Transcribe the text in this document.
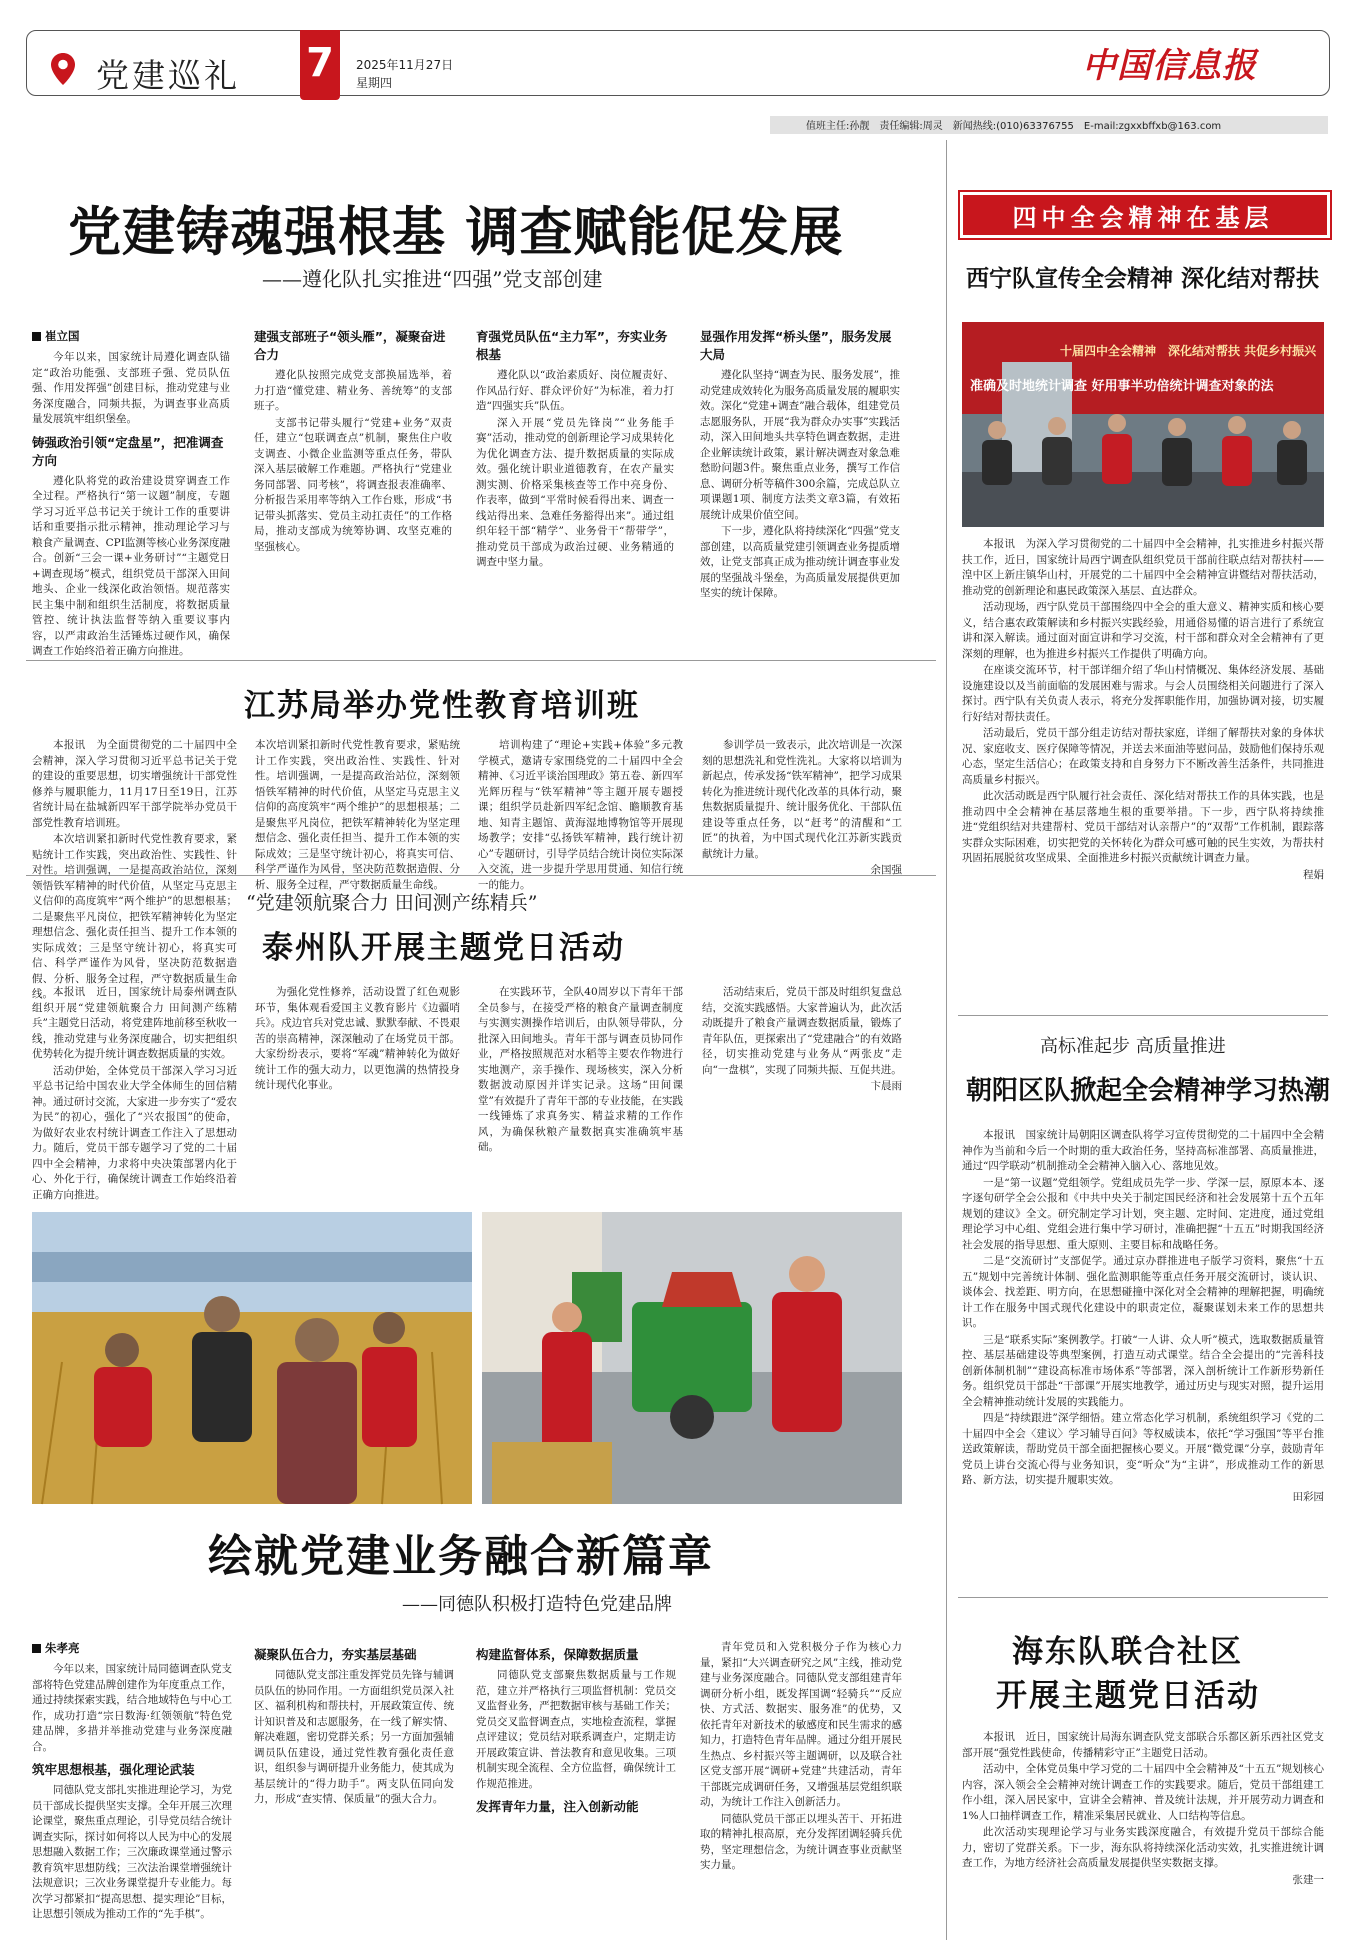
党建巡礼 7	2025年11月27日
星期四	中国信息报
值班主任:孙靓　责任编辑:周灵　新闻热线:(010)63376755　E-mail:zgxxbffxb@163.com
党建铸魂强根基 调查赋能促发展
——遵化队扎实推进“四强”党支部创建
崔立国

今年以来，国家统计局遵化调查队锚定“政治功能强、支部班子强、党员队伍强、作用发挥强”创建目标，推动党建与业务深度融合，同频共振，为调查事业高质量发展筑牢组织堡垒。

铸强政治引领“定盘星”，把准调查方向

遵化队将党的政治建设贯穿调查工作全过程。严格执行“第一议题”制度，专题学习习近平总书记关于统计工作的重要讲话和重要指示批示精神，推动理论学习与粮食产量调查、CPI监测等核心业务深度融合。创新“三会一课+业务研讨”“主题党日+调查现场”模式，组织党员干部深入田间地头、企业一线深化政治领悟。规范落实民主集中制和组织生活制度，将数据质量管控、统计执法监督等纳入重要议事内容，以严肃政治生活锤炼过硬作风，确保调查工作始终沿着正确方向推进。

建强支部班子“领头雁”，凝聚奋进合力

遵化队按照完成党支部换届选举，着力打造“懂党建、精业务、善统筹”的支部班子。

支部书记带头履行“党建+业务”双责任，建立“包联调查点”机制，聚焦住户收支调查、小微企业监测等重点任务，带队深入基层破解工作难题。严格执行“党建业务同部署、同考核”，将调查报表准确率、分析报告采用率等纳入工作台账，形成“书记带头抓落实、党员主动扛责任”的工作格局，推动支部成为统筹协调、攻坚克难的坚强核心。

育强党员队伍“主力军”，夯实业务根基

遵化队以“政治素质好、岗位履责好、作风品行好、群众评价好”为标准，着力打造“四强实兵”队伍。

深入开展“党员先锋岗”“业务能手赛”活动，推动党的创新理论学习成果转化为优化调查方法、提升数据质量的实际成效。强化统计职业道德教育，在农产量实测实测、价格采集核查等工作中亮身份、作表率，做到“平常时候看得出来、调查一线站得出来、急难任务豁得出来”。通过组织年轻干部“精学”、业务骨干“帮带学”，推动党员干部成为政治过硬、业务精通的调查中坚力量。

显强作用发挥“桥头堡”，服务发展大局

遵化队坚持“调查为民、服务发展”，推动党建成效转化为服务高质量发展的履职实效。深化“党建+调查”融合载体，组建党员志愿服务队，开展“我为群众办实事”实践活动，深入田间地头共享特色调查数据，走进企业解读统计政策，累计解决调查对象急难愁盼问题3件。聚焦重点业务，撰写工作信息、调研分析等稿件300余篇，完成总队立项课题1项、制度方法类文章3篇，有效拓展统计成果价值空间。

下一步，遵化队将持续深化“四强”党支部创建，以高质量党建引领调查业务提质增效，让党支部真正成为推动统计调查事业发展的坚强战斗堡垒，为高质量发展提供更加坚实的统计保障。

江苏局举办党性教育培训班

本报讯　为全面贯彻党的二十届四中全会精神，深入学习贯彻习近平总书记关于党的建设的重要思想，切实增强统计干部党性修养与履职能力，11月17日至19日，江苏省统计局在盐城新四军干部学院举办党员干部党性教育培训班。

本次培训紧扣新时代党性教育要求，紧贴统计工作实践，突出政治性、实践性、针对性。培训强调，一是提高政治站位，深刻领悟铁军精神的时代价值，从坚定马克思主义信仰的高度筑牢“两个维护”的思想根基；二是聚焦平凡岗位，把铁军精神转化为坚定理想信念、强化责任担当、提升工作本领的实际成效；三是坚守统计初心，将真实可信、科学严谨作为风骨，坚决防范数据造假、分析、服务全过程，严守数据质量生命线。

本次培训紧扣新时代党性教育要求，紧贴统计工作实践，突出政治性、实践性、针对性。培训强调，一是提高政治站位，深刻领悟铁军精神的时代价值，从坚定马克思主义信仰的高度筑牢“两个维护”的思想根基；二是聚焦平凡岗位，把铁军精神转化为坚定理想信念、强化责任担当、提升工作本领的实际成效；三是坚守统计初心，将真实可信、科学严谨作为风骨，坚决防范数据造假、分析、服务全过程，严守数据质量生命线。

培训构建了“理论+实践+体验”多元教学模式，邀请专家围绕党的二十届四中全会精神、《习近平谈治国理政》第五卷、新四军光辉历程与“铁军精神”等主题开展专题授课；组织学员赴新四军纪念馆、瞻顺教育基地、知青主题馆、黄海湿地博物馆等开展现场教学；安排“弘扬铁军精神，践行统计初心”专题研讨，引导学员结合统计岗位实际深入交流，进一步提升学思用贯通、知信行统一的能力。

参训学员一致表示，此次培训是一次深刻的思想洗礼和党性洗礼。大家将以培训为新起点，传承发扬“铁军精神”，把学习成果转化为推进统计现代化改革的具体行动，聚焦数据质量提升、统计服务优化、干部队伍建设等重点任务，以“赶考”的清醒和“工匠”的执着，为中国式现代化江苏新实践贡献统计力量。

余国强

“党建领航聚合力 田间测产练精兵”
泰州队开展主题党日活动

本报讯　近日，国家统计局泰州调查队组织开展“党建领航聚合力 田间测产练精兵”主题党日活动，将党建阵地前移至秋收一线，推动党建与业务深度融合，切实把组织优势转化为提升统计调查数据质量的实效。

活动伊始，全体党员干部深入学习习近平总书记给中国农业大学全体师生的回信精神。通过研讨交流，大家进一步夯实了“爱农为民”的初心，强化了“兴农报国”的使命，为做好农业农村统计调查工作注入了思想动力。随后，党员干部专题学习了党的二十届四中全会精神，力求将中央决策部署内化于心、外化于行，确保统计调查工作始终沿着正确方向推进。

为强化党性修养，活动设置了红色观影环节，集体观看爱国主义教育影片《边疆哨兵》。戍边官兵对党忠诚、默默奉献、不畏艰苦的崇高精神，深深触动了在场党员干部。大家纷纷表示，要将“军魂”精神转化为做好统计工作的强大动力，以更饱满的热情投身统计现代化事业。

在实践环节，全队40周岁以下青年干部全员参与，在接受严格的粮食产量调查制度与实测实测操作培训后，由队领导带队，分批深入田间地头。青年干部与调查员协同作业，严格按照规范对水稻等主要农作物进行实地测产，亲手操作、现场核实，深入分析数据波动原因并详实记录。这场“田间课堂”有效提升了青年干部的专业技能，在实践一线锤炼了求真务实、精益求精的工作作风，为确保秋粮产量数据真实准确筑牢基础。

活动结束后，党员干部及时组织复盘总结，交流实践感悟。大家普遍认为，此次活动既提升了粮食产量调查数据质量，锻炼了青年队伍，更探索出了“党建融合”的有效路径，切实推动党建与业务从“两张皮”走向“一盘棋”，实现了同频共振、互促共进。

卞晨雨

绘就党建业务融合新篇章
——同德队积极打造特色党建品牌
朱孝亮

今年以来，国家统计局同德调查队党支部将特色党建品牌创建作为年度重点工作，通过持续探索实践，结合地域特色与中心工作，成功打造“宗日数海·红领领航”特色党建品牌，多措并举推动党建与业务深度融合。

筑牢思想根基，强化理论武装

同德队党支部扎实推进理论学习，为党员干部成长提供坚实支撑。全年开展三次理论课堂，聚焦重点理论，引导党员结合统计调查实际，探讨如何将以人民为中心的发展思想融入数据工作；三次廉政课堂通过警示教育筑牢思想防线；三次法治课堂增强统计法规意识；三次业务课堂提升专业能力。每次学习都紧扣“提高思想、提实理论”目标，让思想引领成为推动工作的“先手棋”。

凝聚队伍合力，夯实基层基础

同德队党支部注重发挥党员先锋与辅调员队伍的协同作用。一方面组织党员深入社区、福利机构和帮扶村，开展政策宣传、统计知识普及和志愿服务，在一线了解实情、解决难题，密切党群关系；另一方面加强辅调员队伍建设，通过党性教育强化责任意识，组织参与调研提升业务能力，使其成为基层统计的“得力助手”。两支队伍同向发力，形成“查实情、保质量”的强大合力。

构建监督体系，保障数据质量

同德队党支部聚焦数据质量与工作规范，建立并严格执行三项监督机制：党员交叉监督业务，严把数据审核与基础工作关；党员交叉监督调查点，实地检查流程，掌握点评建议；党员结对联系调查户，定期走访开展政策宣讲、普法教育和意见收集。三项机制实现全流程、全方位监督，确保统计工作规范推进。

发挥青年力量，注入创新动能

青年党员和入党积极分子作为核心力量，紧扣“大兴调查研究之风”主线，推动党建与业务深度融合。同德队党支部组建青年调研分析小组，既发挥国调“轻骑兵”“反应快、方式活、数据实、服务准”的优势，又依托青年对新技术的敏感度和民生需求的感知力，打造特色青年品牌。通过分组开展民生热点、乡村振兴等主题调研，以及联合社区党支部开展“调研+党建”共建活动，青年干部既完成调研任务，又增强基层党组织联动，为统计工作注入创新活力。

同德队党员干部正以埋头苦干、开拓进取的精神扎根高原，充分发挥团调轻骑兵优势，坚定理想信念，为统计调查事业贡献坚实力量。

四中全会精神在基层
西宁队宣传全会精神 深化结对帮扶
十届四中全会精神　深化结对帮扶 共促乡村振兴
准确及时地统计调查 好用事半功倍统计调查对象的法

本报讯　为深入学习贯彻党的二十届四中全会精神，扎实推进乡村振兴帮扶工作，近日，国家统计局西宁调查队组织党员干部前往联点结对帮扶村——湟中区上新庄镇华山村，开展党的二十届四中全会精神宣讲暨结对帮扶活动，推动党的创新理论和惠民政策深入基层、直达群众。

活动现场，西宁队党员干部围绕四中全会的重大意义、精神实质和核心要义，结合惠农政策解读和乡村振兴实践经验，用通俗易懂的语言进行了系统宣讲和深入解读。通过面对面宣讲和学习交流，村干部和群众对全会精神有了更深刻的理解，也为推进乡村振兴工作提供了明确方向。

在座谈交流环节，村干部详细介绍了华山村情概况、集体经济发展、基础设施建设以及当前面临的发展困难与需求。与会人员围绕相关问题进行了深入探讨。西宁队有关负责人表示，将充分发挥职能作用，加强协调对接，切实履行好结对帮扶责任。

活动最后，党员干部分组走访结对帮扶家庭，详细了解帮扶对象的身体状况、家庭收支、医疗保障等情况，并送去米面油等慰问品，鼓励他们保持乐观心态，坚定生活信心；在政策支持和自身努力下不断改善生活条件，共同推进高质量乡村振兴。

此次活动既是西宁队履行社会责任、深化结对帮扶工作的具体实践，也是推动四中全会精神在基层落地生根的重要举措。下一步，西宁队将持续推进“党组织结对共建帮村、党员干部结对认亲帮户”的“双帮”工作机制，跟踪落实群众实际困难，切实把党的关怀转化为群众可感可触的民生实效，为帮扶村巩固拓展脱贫攻坚成果、全面推进乡村振兴贡献统计调查力量。

程娟

高标准起步 高质量推进
朝阳区队掀起全会精神学习热潮

本报讯　国家统计局朝阳区调查队将学习宣传贯彻党的二十届四中全会精神作为当前和今后一个时期的重大政治任务，坚持高标准部署、高质量推进，通过“四学联动”机制推动全会精神入脑入心、落地见效。

一是“第一议题”党组领学。党组成员先学一步、学深一层，原原本本、逐字逐句研学全会公报和《中共中央关于制定国民经济和社会发展第十五个五年规划的建议》全文。研究制定学习计划，突主题、定时间、定进度，通过党组理论学习中心组、党组会进行集中学习研讨，准确把握“十五五”时期我国经济社会发展的指导思想、重大原则、主要目标和战略任务。

二是“交流研讨”支部促学。通过京办群推进电子版学习资料，聚焦“十五五”规划中完善统计体制、强化监测职能等重点任务开展交流研讨，谈认识、谈体会、找差距、明方向，在思想碰撞中深化对全会精神的理解把握，明确统计工作在服务中国式现代化建设中的职责定位，凝聚谋划未来工作的思想共识。

三是“联系实际”案例教学。打破“一人讲、众人听”模式，选取数据质量管控、基层基础建设等典型案例，打造互动式课堂。结合全会提出的“完善科技创新体制机制”“建设高标准市场体系”等部署，深入剖析统计工作新形势新任务。组织党员干部赴“干部课”开展实地教学，通过历史与现实对照，提升运用全会精神推动统计发展的实践能力。

四是“持续跟进”深学细悟。建立常态化学习机制，系统组织学习《党的二十届四中全会〈建议〉学习辅导百问》等权威读本，依托“学习强国”等平台推送政策解读，帮助党员干部全面把握核心要义。开展“微党课”分享，鼓励青年党员上讲台交流心得与业务知识，变“听众”为“主讲”，形成推动工作的新思路、新方法，切实提升履职实效。

田彩园

海东队联合社区
开展主题党日活动

本报讯　近日，国家统计局海东调查队党支部联合乐都区新乐西社区党支部开展“强党性践使命，传播精彩守正”主题党日活动。

活动中，全体党员集中学习党的二十届四中全会精神及“十五五”规划核心内容，深入领会全会精神对统计调查工作的实践要求。随后，党员干部组建工作小组，深入居民家中，宣讲全会精神、普及统计法规，并开展劳动力调查和1%人口抽样调查工作，精准采集居民就业、人口结构等信息。

此次活动实现理论学习与业务实践深度融合，有效提升党员干部综合能力，密切了党群关系。下一步，海东队将持续深化活动实效，扎实推进统计调查工作，为地方经济社会高质量发展提供坚实数据支撑。

张建一
